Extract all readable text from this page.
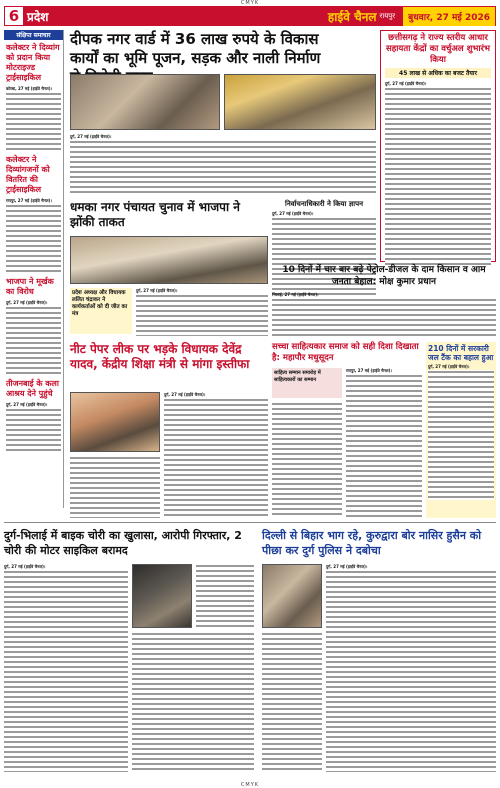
CMYK
6 प्रदेश	हाईवे चैनल रायपुर	बुधवार, 27 मई 2026
संक्षिप्त समाचार
कलेक्टर ने दिव्यांग को प्रदान किया मोटराइज्ड ट्राईसाइकिल
कोरबा, 27 मई (हाईवे चैनल)।
कलेक्टर ने दिव्यांगजनों को वितरित की ट्राईसाइकिल
रायपुर, 27 मई (हाईवे चैनल)।
भाजपा ने मूर्खक का विरोध
दुर्ग, 27 मई (हाईवे चैनल)।
तीजनबाई के कला आश्रय देने पुहुंचे
दुर्ग, 27 मई (हाईवे चैनल)।
दीपक नगर वार्ड में 36 लाख रुपये के विकास कार्यों का भूमि पूजन, सड़क और नाली निर्माण
दुर्ग, 27 मई (हाईवे चैनल)।
धमका नगर पंचायत चुनाव में भाजपा ने झोंकी ताकत
प्रदेश अध्यक्ष और विधायक ललित चंद्राकर ने कार्यकर्ताओं को दी जीत का मंत्र
दुर्ग, 27 मई (हाईवे चैनल)।
निर्वाचनाधिकारी ने किया ज्ञापन
दुर्ग, 27 मई (हाईवे चैनल)।
छत्तीसगढ़ ने राज्य स्तरीय आधार सहायता केंद्रों का वर्चुअल शुभारंभ किया
45 लाख से अधिक का बजट तैयार
दुर्ग, 27 मई (हाईवे चैनल)।
10 दिनों में चार बार बढ़े पेट्रोल-डीजल के दाम किसान व आम जनता बेहाल: मोक्ष कुमार प्रधान
भिलाई, 27 मई (हाईवे चैनल)।
सच्चा साहित्यकार समाज को सही दिशा दिखाता है: महापौर मधुसूदन
साहित्य सम्मान समारोह में साहित्यकारों का सम्मान
रायपुर, 27 मई (हाईवे चैनल)।
210 दिनों में सरकारी जल टैंक का बहाल हुआ
दुर्ग, 27 मई (हाईवे चैनल)।
नीट पेपर लीक पर भड़के विधायक देवेंद्र यादव, केंद्रीय शिक्षा मंत्री से मांगा इस्तीफा
दुर्ग, 27 मई (हाईवे चैनल)।
दुर्ग-भिलाई में बाइक चोरी का खुलासा, आरोपी गिरफ्तार, 2 चोरी की मोटर साइकिल बरामद
दुर्ग, 27 मई (हाईवे चैनल)।
दिल्ली से बिहार भाग रहे, कुरुद्वारा बोर नासिर हुसैन को पीछा कर दुर्ग पुलिस ने दबोचा
दुर्ग, 27 मई (हाईवे चैनल)।
CMYK
